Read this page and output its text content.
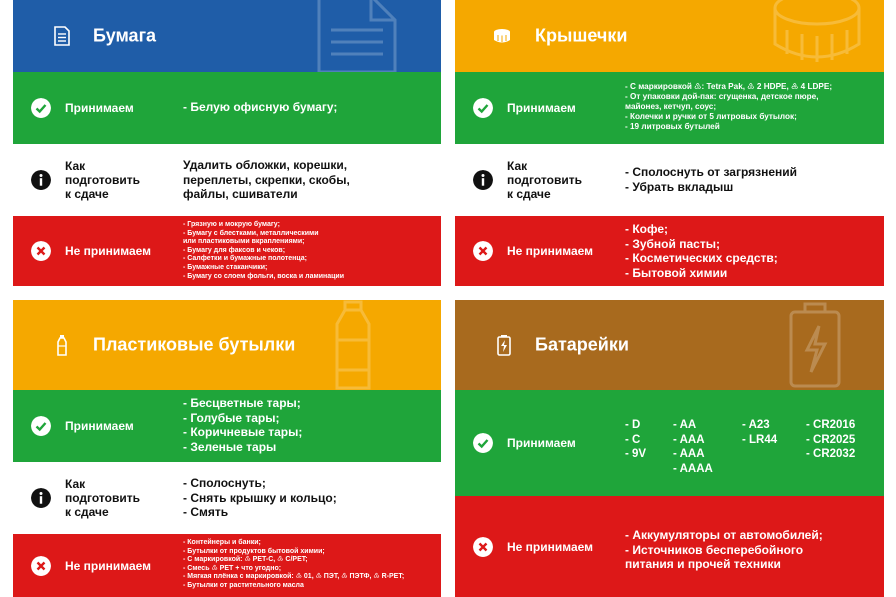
Бумага
Принимаем	- Белую офисную бумагу;
Как
подготовить
к сдаче
Удалить обложки, корешки,
переплеты, скрепки, скобы,
файлы, сшиватели
Не принимаем
- Грязную и мокрую бумагу;
- Бумагу с блестками, металлическими
или пластиковыми вкраплениями;
- Бумагу для факсов и чеков;
- Салфетки и бумажные полотенца;
- Бумажные стаканчики;
- Бумагу со слоем фольги, воска и ламинации
Крышечки
Принимаем
- С маркировкой ♳: Tetra Pak, ♴ 2 HDPE, ♶ 4 LDPE;
- От упаковки дой-пак: сгущенка, детское пюре,
майонез, кетчуп, соус;
- Колечки и ручки от 5 литровых бутылок;
- 19 литровых бутылей
Как
подготовить
к сдаче
- Сполоснуть от загрязнений
- Убрать вкладыш
Не принимаем
- Кофе;
- Зубной пасты;
- Косметических средств;
- Бытовой химии
Пластиковые бутылки
Принимаем
- Бесцветные тары;
- Голубые тары;
- Коричневые тары;
- Зеленые тары
Как
подготовить
к сдаче
- Сполоснуть;
- Снять крышку и кольцо;
- Смять
Не принимаем
- Контейнеры и банки;
- Бутылки от продуктов бытовой химии;
- С маркировкой: ♳ PET-С, ♳ С/PET;
- Смесь ♳ PET + что угодно;
- Мягкая плёнка с маркировкой: ♳ 01, ♳ ПЭТ, ♳ ПЭТФ, ♳ R-PET;
- Бутылки от растительного масла
Батарейки
Принимаем
- D
- C
- 9V
- AA
- AAA
- AAA
- AAAA
- A23
- LR44
- CR2016
- CR2025
- CR2032
Не принимаем
- Аккумуляторы от автомобилей;
- Источников бесперебойного
питания и прочей техники
